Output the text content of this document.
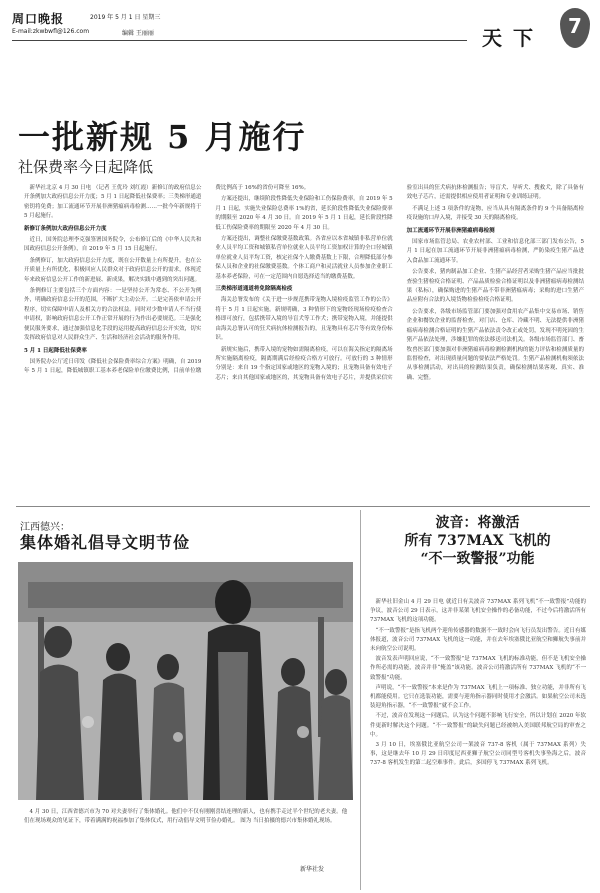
周口晚报
E-mail:zkwbwfl@126.com
2019 年 5 月 1 日 星期三
编辑 王丽丽	天 下	7
一批新规 5 月施行
社保费率今日起降低

新华社北京 4 月 30 日电 （记者 王优玲 刘红霞）新修订的政府信息公开条例加大政府信息公开力度；5 月 1 日起降低社保费率；三类梯形通道密钥将免费；加工流通环节开展非洲猪瘟病毒检测……一批今年新规将于 5 月起施行。

新修订条例加大政府信息公开力度

近日，国务院总理李克强签署国务院令，公布修订后的《中华人民共和国政府信息公开条例》，自 2019 年 5 月 15 日起施行。

条例修订，加大政府信息公开力度，既在公开数量上有所提升，也在公开质量上有所优化，积极回应人民群众对于政府信息公开的需求，体现近年来政府信息公开工作的新进展、新成果，解决实践中遇到的突出问题。

条例修订主要包括三个方面内容：一是坚持公开为常态、不公开为例外，明确政府信息公开的范围，不断扩大主动公开。二是完善依申请公开程序，切实保障申请人及相关方的合法权益。同时对少数申请人不当行使申请权，影响政府信息公开工作正常开展的行为作出必要规范。三是强化便民服务要求，通过加强信息化手段的运用提高政府信息公开实效，切实发挥政府信息对人民群众生产、生活和经济社会活动的服务作用。

5 月 1 日起降低社保费率

国务院办公厅近日印发《降低社会保险费率综合方案》明确，自 2019 年 5 月 1 日起，降低城镇职工基本养老保险单位缴费比例，目前单位缴费比例高于 16%的省份可降至 16%。

方案还提出，继续阶段性降低失业保险和工伤保险费率。自 2019 年 5 月 1 日起，实施失业保险总费率 1%的省，延长阶段性降低失业保险费率的期限至 2020 年 4 月 30 日。自 2019 年 5 月 1 日起，延长阶段性降低工伤保险费率的期限至 2020 年 4 月 30 日。

方案还提出，调整社保缴费基数政策。各省应以本省城镇非私营单位就业人员平均工资和城镇私营单位就业人员平均工资加权计算的全口径城镇单位就业人员平均工资，核定社保个人缴费基数上下限，合理降低部分参保人员和企业的社保缴费基数。个体工商户和灵活就业人员参加企业职工基本养老保险，可在一定范围内自愿选择适当的缴费基数。

三类梯形道通道将免除隔离检疫

海关总署发布的《关于进一步规范携带宠物入境检疫监管工作的公告》将于 5 月 1 日起实施。新规明确，3 种情形下的宠物经现场检疫检查合格即可放行，包括携带入境的导盲犬等工作犬；携带宠物入境，并能提供由海关总署认可的狂犬病抗体检测报告的，且宠物具有芯片等有效身份标识。

新规实施后，携带入境的宠物如需隔离检疫，可以在海关指定的隔离场所实施隔离检疫，隔离期满后经检疫合格方可放行。可放行的 3 种情形分别是：来自 19 个指定国家或地区的宠物入境的；且宠物具备有效电子芯片；来自其他国家或地区的，其宠物具备有效电子芯片，并提供采信实验室出具的狂犬病抗体检测报告；导盲犬、导听犬、搜救犬，除了具备有效电子芯片，还需提供相应使用者证明和专业训练证明。

不满足上述 3 项条件的宠物，应当从具有隔离条件的 9 个具备隔离检疫设施的口岸入境，并接受 30 天的隔离检疫。

加工流通环节开展非洲猪瘟病毒检测

国家市场监管总局、农业农村部、工业和信息化部三部门发布公告，5 月 1 日起在加工流通环节开展非洲猪瘟病毒检测，严防染疫生猪产品进入食品加工流通环节。

公告要求，猪肉制品加工企业、生猪产品经营者采购生猪产品应当批批查验生猪检疫合格证明、产品品质检验合格证明以及非洲猪瘟病毒检测结果（私标），确保购进的生猪产品不带非洲猪瘟病毒；采购的进口生猪产品应附有合法的入境货物检验检疫合格证明。

公告要求，各级市场监管部门要加强对食用农产品集中交易市场、销售企业和餐饮企业的监督检查，对门店、仓库、冷藏不明、无法提供非洲猪瘟病毒检测合格证明的生猪产品依法责令改正或处罚，发现不明死因的生猪产品依法处理，涉嫌犯罪的依法移送司法机关。各级市场监管部门、畜牧兽医部门要加强对非洲猪瘟病毒检测检测机构的能力评估和检测质量的监督检查，对出现质量问题的要依法严格处罚。生猪产品检测机构须依法从事检测活动，对出具的检测结果负责，确保检测结果客观、真实、准确、完整。

江西德兴：
集体婚礼倡导文明节俭
4 月 30 日，江西省德兴市为 70 对夫妻举行了集体婚礼。他们中不仅有刚刚喜结连理的新人，也有携手走过半个世纪的老夫妻。他们在现场观众的见证下，带着满满的祝福参加了集体仪式，用行动倡导文明节俭办婚礼。 图为 当日拍摄的德兴市集体婚礼现场。
新华社发
波音：将激活
所有 737MAX 飞机的
“不一致警报”功能

新华社旧金山 4 月 29 日电 就近日有关波音 737MAX 系列飞机“不一致警报”功能的争议，波音公司 29 日表示，这并非某架飞机安全操作的必备功能，不过今后将激活所有 737MAX 飞机的这项功能。

“不一致警报”是指飞机两个迎角传感器的数据不一致时会向飞行员发出警告。近日有媒体报道，波音公司 737MAX 飞机的这一功能，并在去年埃塞俄比亚航空和狮航失事前并未向航空公司说明。

波音发表声明回应说，“不一致警报”是 737MAX 飞机的标准功能，但不是飞机安全操作所必需的功能，波音并非“掩盖”该功能。波音公司将激活所有 737MAX 飞机的“不一致警报”功能。

声明说，“不一致警报”本来是作为 737MAX 飞机上一项标准、独立功能，并非所有飞机都能使用。它只在选装功能，需要与迎角指示器同时使用才会激活。如果航空公司未选装迎角指示器，“不一致警报”就不会工作。

不过，波音在发现这一问题后，认为这个问题不影响飞行安全，所以计划在 2020 年软件更新时解决这个问题。“不一致警报”的缺失问题已经被纳入美国联邦航空局的审查之中。

3 月 10 日，埃塞俄比亚航空公司一架波音 737-8 客机（属于 737MAX 系列）失事，这是继去年 10 月 29 日印度尼西亚狮子航空公司同型号客机失事坠海之后，波音 737-8 客机发生的第二起空难事件。此后，多国停飞 737MAX 系列飞机。
